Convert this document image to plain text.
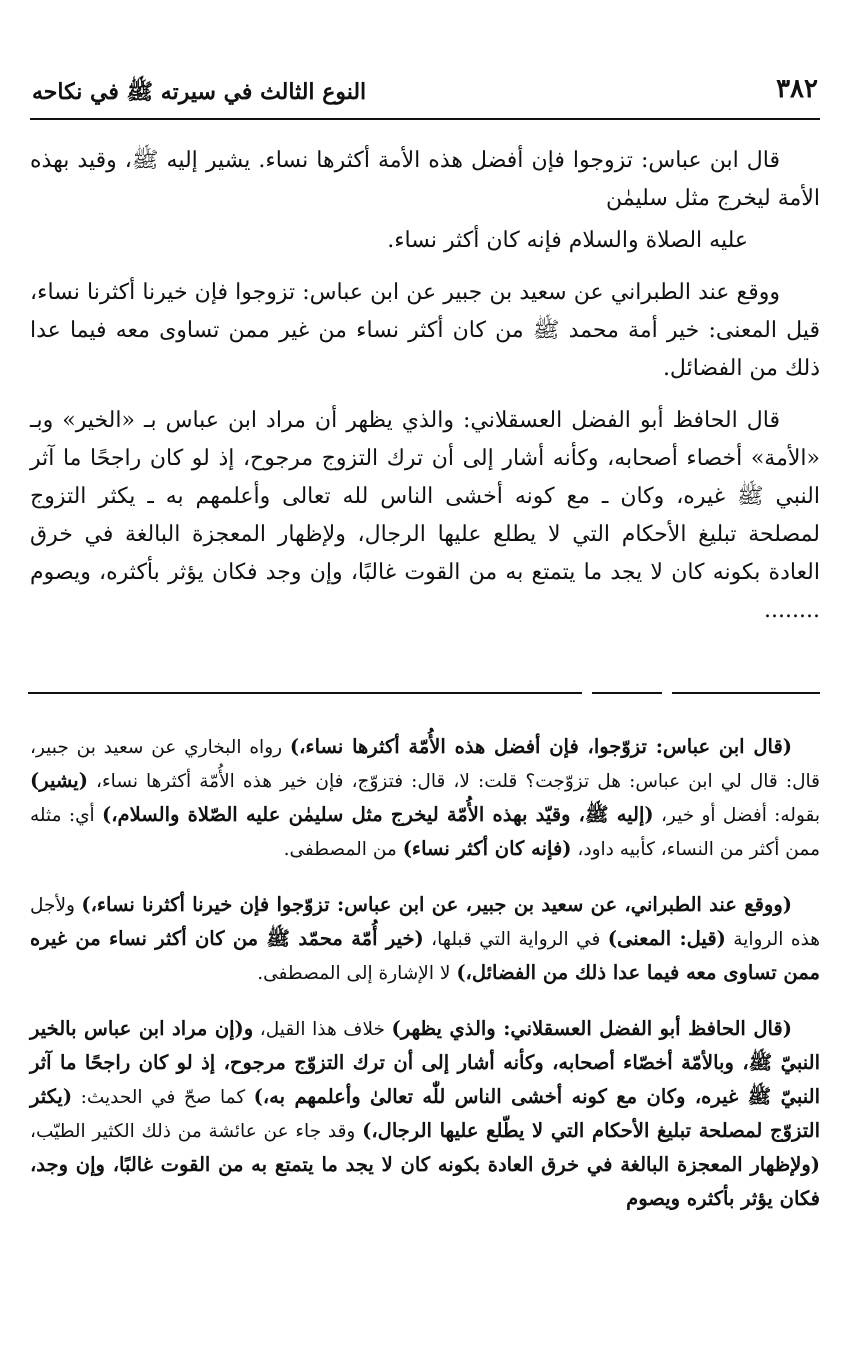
٣٨٢
النوع الثالث في سيرته ﷺ في نكاحه

قال ابن عباس: تزوجوا فإن أفضل هذه الأمة أكثرها نساء. يشير إليه ﷺ، وقيد بهذه الأمة ليخرج مثل سليمٰن

عليه الصلاة والسلام فإنه كان أكثر نساء.

ووقع عند الطبراني عن سعيد بن جبير عن ابن عباس: تزوجوا فإن خيرنا أكثرنا نساء، قيل المعنى: خير أمة محمد ﷺ من كان أكثر نساء من غير ممن تساوى معه فيما عدا ذلك من الفضائل.

قال الحافظ أبو الفضل العسقلاني: والذي يظهر أن مراد ابن عباس بـ «الخير» وبـ «الأمة» أخصاء أصحابه، وكأنه أشار إلى أن ترك التزوج مرجوح، إذ لو كان راجحًا ما آثر النبي ﷺ غيره، وكان ـ مع كونه أخشى الناس لله تعالى وأعلمهم به ـ يكثر التزوج لمصلحة تبليغ الأحكام التي لا يطلع عليها الرجال، ولإظهار المعجزة البالغة في خرق العادة بكونه كان لا يجد ما يتمتع به من القوت غالبًا، وإن وجد فكان يؤثر بأكثره، ويصوم ........

(قال ابن عباس: تزوّجوا، فإن أفضل هذه الأُمّة أكثرها نساء،) رواه البخاري عن سعيد بن جبير، قال: قال لي ابن عباس: هل تزوّجت؟ قلت: لا، قال: فتزوّج، فإن خير هذه الأُمّة أكثرها نساء، (يشير) بقوله: أفضل أو خير، (إليه ﷺ، وقيّد بهذه الأُمّة ليخرج مثل سليمٰن عليه الصّلاة والسلام،) أي: مثله ممن أكثر من النساء، كأبيه داود، (فإنه كان أكثر نساء) من المصطفى.

(ووقع عند الطبراني، عن سعيد بن جبير، عن ابن عباس: تزوّجوا فإن خيرنا أكثرنا نساء،) ولأجل هذه الرواية (قيل: المعنى) في الرواية التي قبلها، (خير أُمّة محمّد ﷺ من كان أكثر نساء من غيره ممن تساوى معه فيما عدا ذلك من الفضائل،) لا الإشارة إلى المصطفى.

(قال الحافظ أبو الفضل العسقلاني: والذي يظهر) خلاف هذا القيل، و(إن مراد ابن عباس بالخير النبيّ ﷺ، وبالأمّة أخصّاء أصحابه، وكأنه أشار إلى أن ترك التزوّج مرجوح، إذ لو كان راجحًا ما آثر النبيّ ﷺ غيره، وكان مع كونه أخشى الناس للّٰه تعالىٰ وأعلمهم به،) كما صحّ في الحديث: (يكثر التزوّج لمصلحة تبليغ الأحكام التي لا يطّلع عليها الرجال،) وقد جاء عن عائشة من ذلك الكثير الطيّب، (ولإظهار المعجزة البالغة في خرق العادة بكونه كان لا يجد ما يتمتع به من القوت غالبًا، وإن وجد، فكان يؤثر بأكثره ويصوم
